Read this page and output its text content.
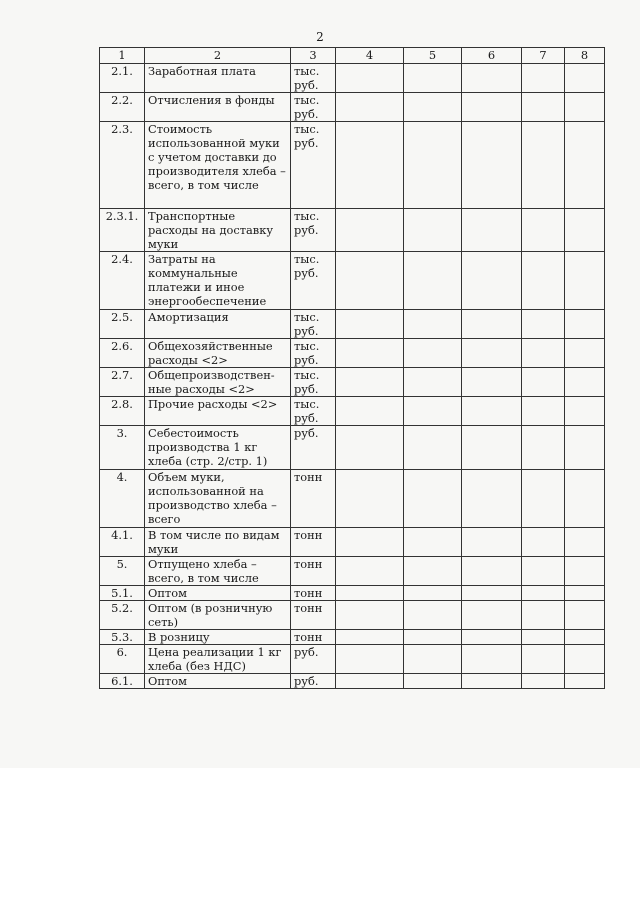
2
1	2	3	4	5	6	7	8
2.1.	Заработная плата	тыс. руб.					
2.2.	Отчисления в фонды	тыс. руб.					
2.3.	Стоимость использованной муки с учетом доставки до производителя хлеба – всего, в том числе	тыс. руб.					
2.3.1.	Транспортные расходы на доставку муки	тыс. руб.					
2.4.	Затраты на коммунальные платежи и иное энергообеспечение	тыс. руб.					
2.5.	Амортизация	тыс. руб.					
2.6.	Общехозяйственные расходы <2>	тыс. руб.					
2.7.	Общепроизводствен-ные расходы <2>	тыс. руб.					
2.8.	Прочие расходы <2>	тыс. руб.					
3.	Себестоимость производства 1 кг хлеба (стр. 2/стр. 1)	руб.					
4.	Объем муки, использованной на производство хлеба – всего	тонн					
4.1.	В том числе по видам муки	тонн					
5.	Отпущено хлеба – всего, в том числе	тонн					
5.1.	Оптом	тонн					
5.2.	Оптом (в розничную сеть)	тонн					
5.3.	В розницу	тонн					
6.	Цена реализации 1 кг хлеба (без НДС)	руб.					
6.1.	Оптом	руб.					
